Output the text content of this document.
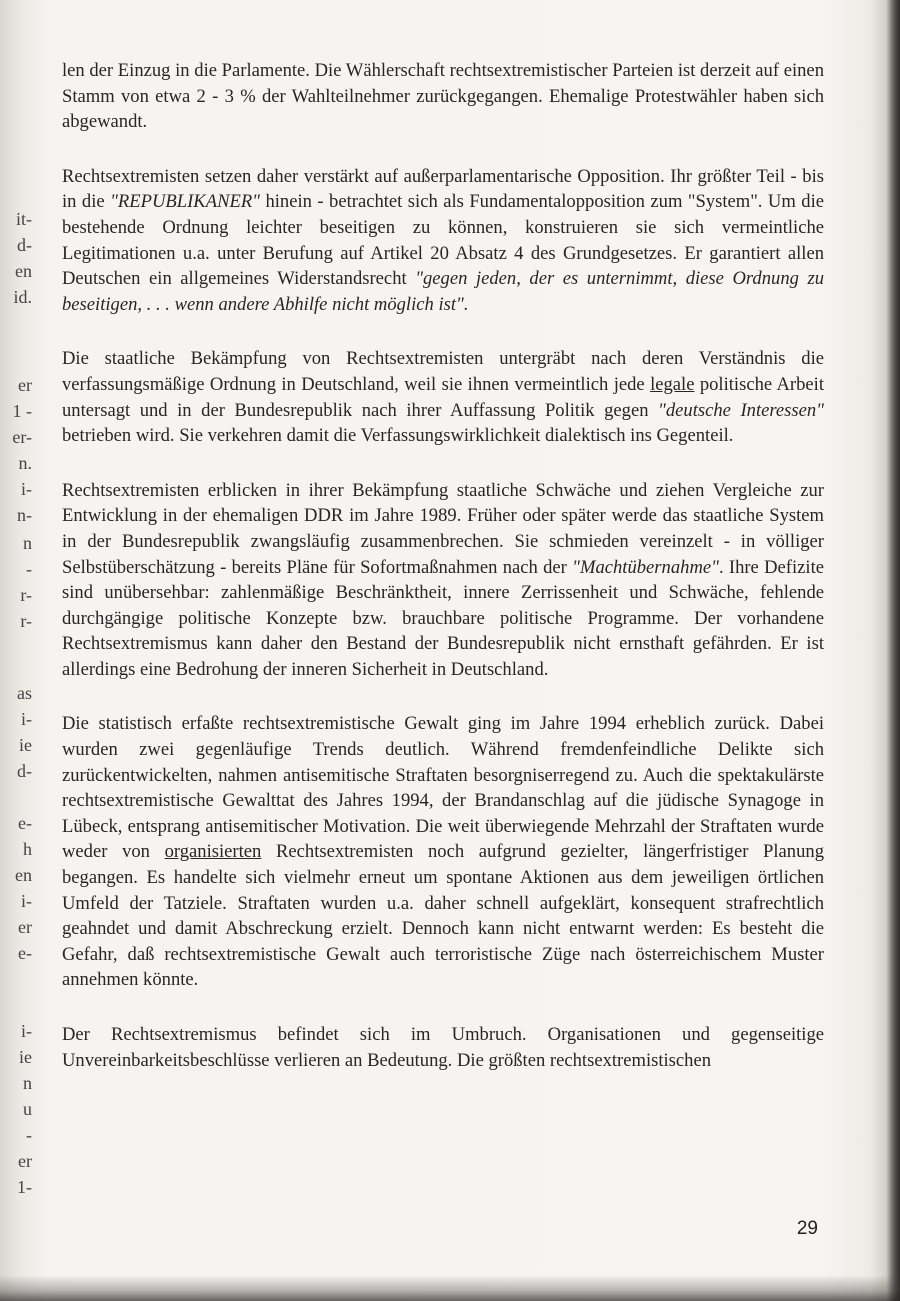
it-
d-
en
id.
er
1 -
er-
n.
i-
n-
n
-
r-
r-
as
i-
ie
d-
e-
h
en
i-
er
e-
i-
ie
n
u
-
er
1-

len der Einzug in die Parlamente. Die Wählerschaft rechtsextremistischer Parteien ist derzeit auf einen Stamm von etwa 2 - 3 % der Wahlteilnehmer zurückgegangen. Ehemalige Protestwähler haben sich abgewandt.

Rechtsextremisten setzen daher verstärkt auf außerparlamentarische Opposition. Ihr größter Teil - bis in die "REPUBLIKANER" hinein - betrachtet sich als Fundamentalopposition zum "System". Um die bestehende Ordnung leichter beseitigen zu können, konstruieren sie sich vermeintliche Legitimationen u.a. unter Berufung auf Artikel 20 Absatz 4 des Grundgesetzes. Er garantiert allen Deutschen ein allgemeines Widerstandsrecht "gegen jeden, der es unternimmt, diese Ordnung zu beseitigen, . . . wenn andere Abhilfe nicht möglich ist".

Die staatliche Bekämpfung von Rechtsextremisten untergräbt nach deren Verständnis die verfassungsmäßige Ordnung in Deutschland, weil sie ihnen vermeintlich jede legale politische Arbeit untersagt und in der Bundesrepublik nach ihrer Auffassung Politik gegen "deutsche Interessen" betrieben wird. Sie verkehren damit die Verfassungswirklichkeit dialektisch ins Gegenteil.

Rechtsextremisten erblicken in ihrer Bekämpfung staatliche Schwäche und ziehen Vergleiche zur Entwicklung in der ehemaligen DDR im Jahre 1989. Früher oder später werde das staatliche System in der Bundesrepublik zwangsläufig zusammenbrechen. Sie schmieden vereinzelt - in völliger Selbstüberschätzung - bereits Pläne für Sofortmaßnahmen nach der "Machtübernahme". Ihre Defizite sind unübersehbar: zahlenmäßige Beschränktheit, innere Zerrissenheit und Schwäche, fehlende durchgängige politische Konzepte bzw. brauchbare politische Programme. Der vorhandene Rechtsextremismus kann daher den Bestand der Bundesrepublik nicht ernsthaft gefährden. Er ist allerdings eine Bedrohung der inneren Sicherheit in Deutschland.

Die statistisch erfaßte rechtsextremistische Gewalt ging im Jahre 1994 erheblich zurück. Dabei wurden zwei gegenläufige Trends deutlich. Während fremdenfeindliche Delikte sich zurückentwickelten, nahmen antisemitische Straftaten besorgniserregend zu. Auch die spektakulärste rechtsextremistische Gewalttat des Jahres 1994, der Brandanschlag auf die jüdische Synagoge in Lübeck, entsprang antisemitischer Motivation. Die weit überwiegende Mehrzahl der Straftaten wurde weder von organisierten Rechtsextremisten noch aufgrund gezielter, längerfristiger Planung begangen. Es handelte sich vielmehr erneut um spontane Aktionen aus dem jeweiligen örtlichen Umfeld der Tatziele. Straftaten wurden u.a. daher schnell aufgeklärt, konsequent strafrechtlich geahndet und damit Abschreckung erzielt. Dennoch kann nicht entwarnt werden: Es besteht die Gefahr, daß rechtsextremistische Gewalt auch terroristische Züge nach österreichischem Muster annehmen könnte.

Der Rechtsextremismus befindet sich im Umbruch. Organisationen und gegenseitige Unvereinbarkeitsbeschlüsse verlieren an Bedeutung. Die größten rechtsextremistischen

29
